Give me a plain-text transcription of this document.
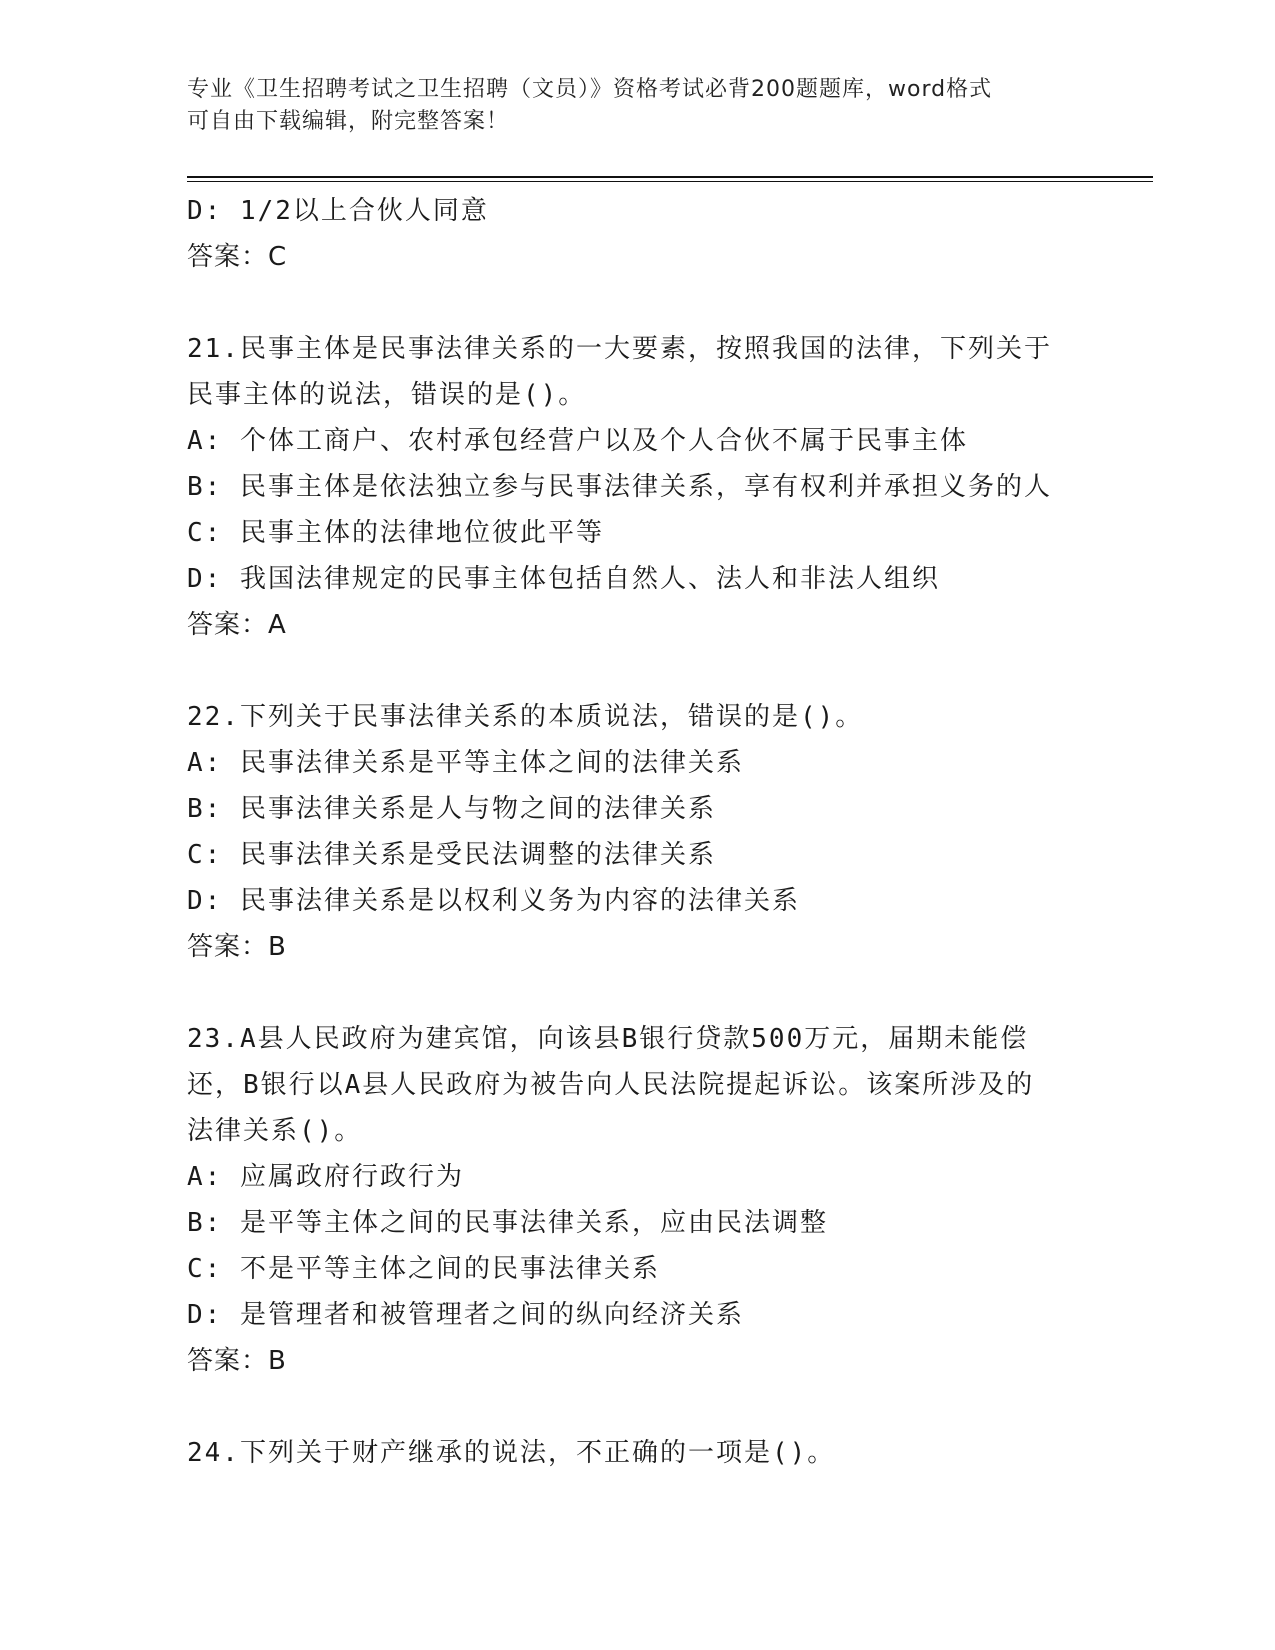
专业《卫生招聘考试之卫生招聘（文员）》资格考试必背200题题库，word格式
可自由下载编辑，附完整答案！
D: 1/2以上合伙人同意
答案：C
21.民事主体是民事法律关系的一大要素，按照我国的法律，下列关于
民事主体的说法，错误的是()。
A: 个体工商户、农村承包经营户以及个人合伙不属于民事主体
B: 民事主体是依法独立参与民事法律关系，享有权利并承担义务的人
C: 民事主体的法律地位彼此平等
D: 我国法律规定的民事主体包括自然人、法人和非法人组织
答案：A
22.下列关于民事法律关系的本质说法，错误的是()。
A: 民事法律关系是平等主体之间的法律关系
B: 民事法律关系是人与物之间的法律关系
C: 民事法律关系是受民法调整的法律关系
D: 民事法律关系是以权利义务为内容的法律关系
答案：B
23.A县人民政府为建宾馆，向该县B银行贷款500万元，届期未能偿
还，B银行以A县人民政府为被告向人民法院提起诉讼。该案所涉及的
法律关系()。
A: 应属政府行政行为
B: 是平等主体之间的民事法律关系，应由民法调整
C: 不是平等主体之间的民事法律关系
D: 是管理者和被管理者之间的纵向经济关系
答案：B
24.下列关于财产继承的说法，不正确的一项是()。
